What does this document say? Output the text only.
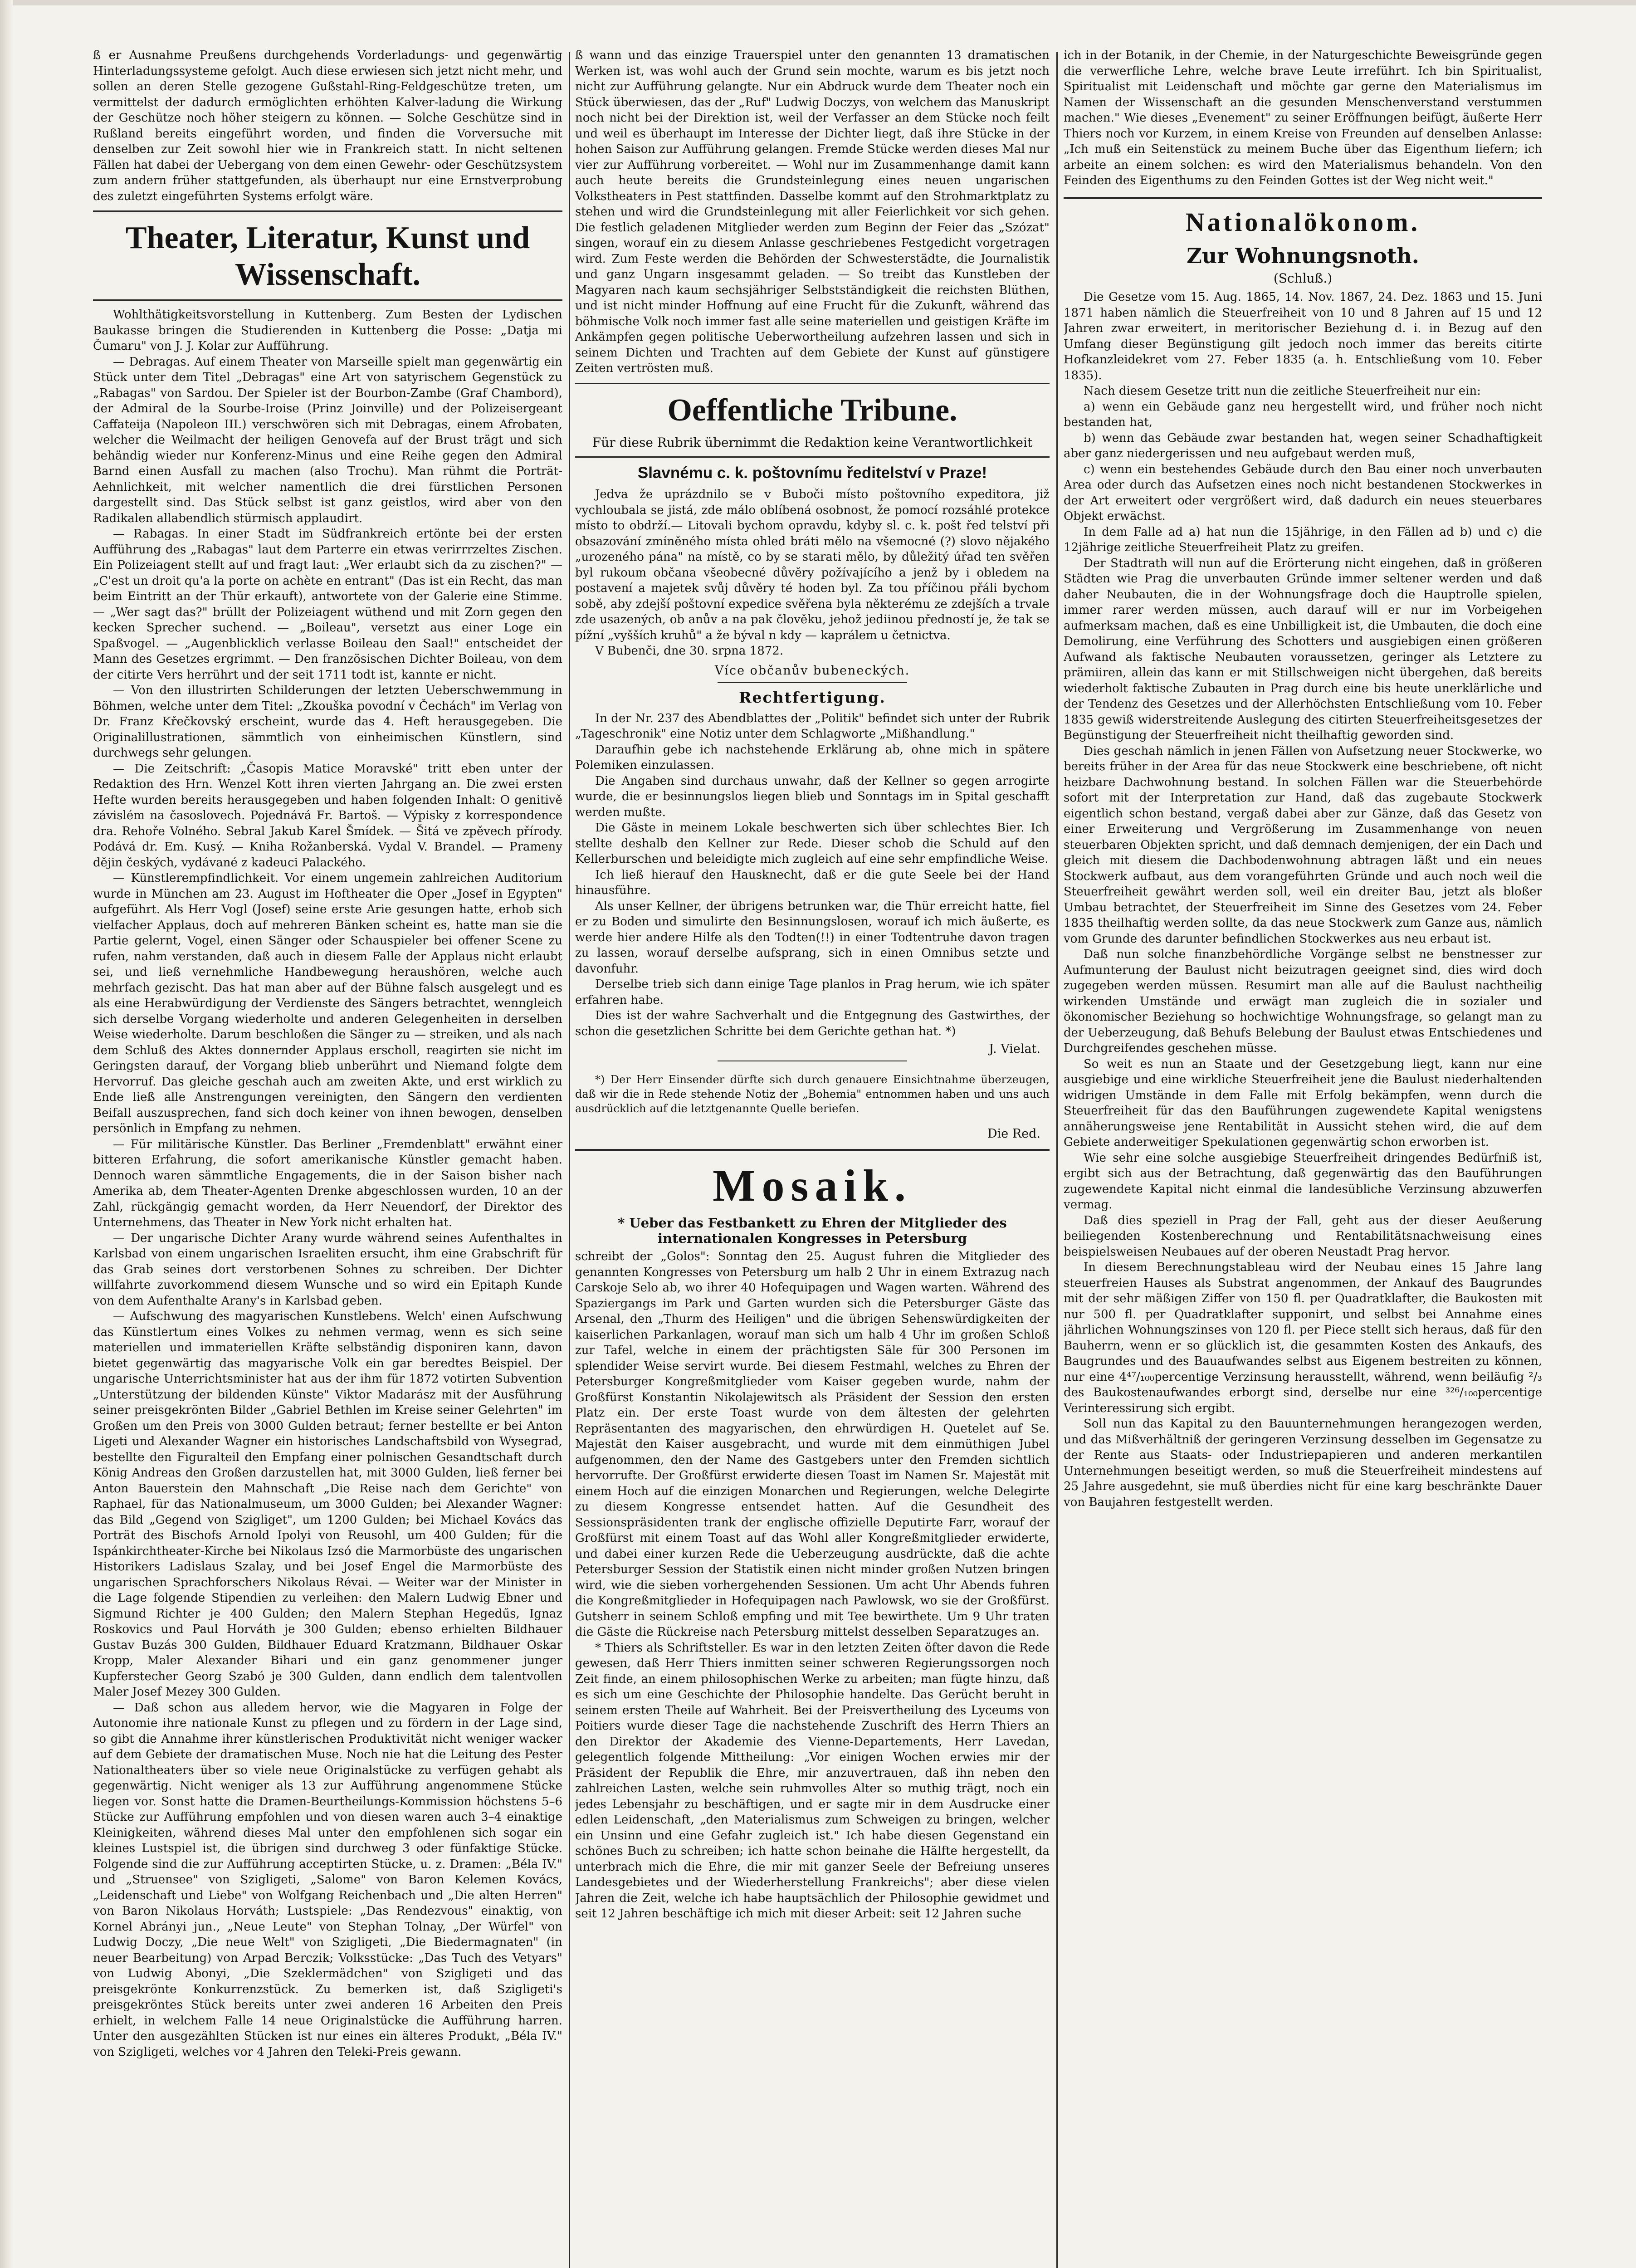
ß er Ausnahme Preußens durchgehends Vorderladungs- und gegenwärtig Hinterladungssysteme gefolgt. Auch diese erwiesen sich jetzt nicht mehr, und sollen an deren Stelle gezogene Gußstahl-Ring-Feldgeschütze treten, um vermittelst der dadurch ermöglichten erhöhten Kalver-ladung die Wirkung der Geschütze noch höher steigern zu können. — Solche Geschütze sind in Rußland bereits eingeführt worden, und finden die Vorversuche mit denselben zur Zeit sowohl hier wie in Frankreich statt. In nicht seltenen Fällen hat dabei der Uebergang von dem einen Gewehr- oder Geschützsystem zum andern früher stattgefunden, als überhaupt nur eine Ernstverprobung des zuletzt eingeführten Systems erfolgt wäre.

Theater, Literatur, Kunst und Wissenschaft.

Wohlthätigkeitsvorstellung in Kuttenberg. Zum Besten der Lydischen Baukasse bringen die Studierenden in Kuttenberg die Posse: „Datja mi Čumaru" von J. J. Kolar zur Aufführung.

— Debragas. Auf einem Theater von Marseille spielt man gegenwärtig ein Stück unter dem Titel „Debragas" eine Art von satyrischem Gegenstück zu „Rabagas" von Sardou. Der Spieler ist der Bourbon-Zambe (Graf Chambord), der Admiral de la Sourbe-Iroise (Prinz Joinville) und der Polizeisergeant Caffateija (Napoleon III.) verschwören sich mit Debragas, einem Afrobaten, welcher die Weilmacht der heiligen Genovefa auf der Brust trägt und sich behändig wieder nur Konferenz-Minus und eine Reihe gegen den Admiral Barnd einen Ausfall zu machen (also Trochu). Man rühmt die Porträt-Aehnlichkeit, mit welcher namentlich die drei fürstlichen Personen dargestellt sind. Das Stück selbst ist ganz geistlos, wird aber von den Radikalen allabendlich stürmisch applaudirt.

— Rabagas. In einer Stadt im Südfrankreich ertönte bei der ersten Aufführung des „Rabagas" laut dem Parterre ein etwas verirrrzeltes Zischen. Ein Polizeiagent stellt auf und fragt laut: „Wer erlaubt sich da zu zischen?" — „C'est un droit qu'a la porte on achète en entrant" (Das ist ein Recht, das man beim Eintritt an der Thür erkauft), antwortete von der Galerie eine Stimme. — „Wer sagt das?" brüllt der Polizeiagent wüthend und mit Zorn gegen den kecken Sprecher suchend. — „Boileau", versetzt aus einer Loge ein Spaßvogel. — „Augenblicklich verlasse Boileau den Saal!" entscheidet der Mann des Gesetzes ergrimmt. — Den französischen Dichter Boileau, von dem der citirte Vers herrührt und der seit 1711 todt ist, kannte er nicht.

— Von den illustrirten Schilderungen der letzten Ueberschwemmung in Böhmen, welche unter dem Titel: „Zkouška povodní v Čechách" im Verlag von Dr. Franz Křečkovský erscheint, wurde das 4. Heft herausgegeben. Die Originalillustrationen, sämmtlich von einheimischen Künstlern, sind durchwegs sehr gelungen.

— Die Zeitschrift: „Časopis Matice Moravské" tritt eben unter der Redaktion des Hrn. Wenzel Kott ihren vierten Jahrgang an. Die zwei ersten Hefte wurden bereits herausgegeben und haben folgenden Inhalt: O genitivě závislém na časoslovech. Pojednává Fr. Bartoš. — Výpisky z korrespondence dra. Rehoře Volného. Sebral Jakub Karel Šmídek. — Šitá ve zpěvech přírody. Podává dr. Em. Kusý. — Kniha Rožanberská. Vydal V. Brandel. — Prameny dějin českých, vydávané z kadeuci Palackého.

— Künstlerempfindlichkeit. Vor einem ungemein zahlreichen Auditorium wurde in München am 23. August im Hoftheater die Oper „Josef in Egypten" aufgeführt. Als Herr Vogl (Josef) seine erste Arie gesungen hatte, erhob sich vielfacher Applaus, doch auf mehreren Bänken scheint es, hatte man sie die Partie gelernt, Vogel, einen Sänger oder Schauspieler bei offener Scene zu rufen, nahm verstanden, daß auch in diesem Falle der Applaus nicht erlaubt sei, und ließ vernehmliche Handbewegung heraushören, welche auch mehrfach gezischt. Das hat man aber auf der Bühne falsch ausgelegt und es als eine Herabwürdigung der Verdienste des Sängers betrachtet, wenngleich sich derselbe Vorgang wiederholte und anderen Gelegenheiten in derselben Weise wiederholte. Darum beschloßen die Sänger zu — streiken, und als nach dem Schluß des Aktes donnernder Applaus erscholl, reagirten sie nicht im Geringsten darauf, der Vorgang blieb unberührt und Niemand folgte dem Hervorruf. Das gleiche geschah auch am zweiten Akte, und erst wirklich zu Ende ließ alle Anstrengungen vereinigten, den Sängern den verdienten Beifall auszusprechen, fand sich doch keiner von ihnen bewogen, denselben persönlich in Empfang zu nehmen.

— Für militärische Künstler. Das Berliner „Fremdenblatt" erwähnt einer bitteren Erfahrung, die sofort amerikanische Künstler gemacht haben. Dennoch waren sämmtliche Engagements, die in der Saison bisher nach Amerika ab, dem Theater-Agenten Drenke abgeschlossen wurden, 10 an der Zahl, rückgängig gemacht worden, da Herr Neuendorf, der Direktor des Unternehmens, das Theater in New York nicht erhalten hat.

— Der ungarische Dichter Arany wurde während seines Aufenthaltes in Karlsbad von einem ungarischen Israeliten ersucht, ihm eine Grabschrift für das Grab seines dort verstorbenen Sohnes zu schreiben. Der Dichter willfahrte zuvorkommend diesem Wunsche und so wird ein Epitaph Kunde von dem Aufenthalte Arany's in Karlsbad geben.

— Aufschwung des magyarischen Kunstlebens. Welch' einen Aufschwung das Künstlertum eines Volkes zu nehmen vermag, wenn es sich seine materiellen und immateriellen Kräfte selbständig disponiren kann, davon bietet gegenwärtig das magyarische Volk ein gar beredtes Beispiel. Der ungarische Unterrichtsminister hat aus der ihm für 1872 votirten Subvention „Unterstützung der bildenden Künste" Viktor Madarász mit der Ausführung seiner preisgekrönten Bilder „Gabriel Bethlen im Kreise seiner Gelehrten" im Großen um den Preis von 3000 Gulden betraut; ferner bestellte er bei Anton Ligeti und Alexander Wagner ein historisches Landschaftsbild von Wysegrad, bestellte den Figuralteil den Empfang einer polnischen Gesandtschaft durch König Andreas den Großen darzustellen hat, mit 3000 Gulden, ließ ferner bei Anton Bauerstein den Mahnschaft „Die Reise nach dem Gerichte" von Raphael, für das Nationalmuseum, um 3000 Gulden; bei Alexander Wagner: das Bild „Gegend von Szigliget", um 1200 Gulden; bei Michael Kovács das Porträt des Bischofs Arnold Ipolyi von Reusohl, um 400 Gulden; für die Ispánkirchtheater-Kirche bei Nikolaus Izsó die Marmorbüste des ungarischen Historikers Ladislaus Szalay, und bei Josef Engel die Marmorbüste des ungarischen Sprachforschers Nikolaus Révai. — Weiter war der Minister in die Lage folgende Stipendien zu verleihen: den Malern Ludwig Ebner und Sigmund Richter je 400 Gulden; den Malern Stephan Hegedűs, Ignaz Roskovics und Paul Horváth je 300 Gulden; ebenso erhielten Bildhauer Gustav Buzás 300 Gulden, Bildhauer Eduard Kratzmann, Bildhauer Oskar Kropp, Maler Alexander Bihari und ein ganz genommener junger Kupferstecher Georg Szabó je 300 Gulden, dann endlich dem talentvollen Maler Josef Mezey 300 Gulden.

— Daß schon aus alledem hervor, wie die Magyaren in Folge der Autonomie ihre nationale Kunst zu pflegen und zu fördern in der Lage sind, so gibt die Annahme ihrer künstlerischen Produktivität nicht weniger wacker auf dem Gebiete der dramatischen Muse. Noch nie hat die Leitung des Pester Nationaltheaters über so viele neue Originalstücke zu verfügen gehabt als gegenwärtig. Nicht weniger als 13 zur Aufführung angenommene Stücke liegen vor. Sonst hatte die Dramen-Beurtheilungs-Kommission höchstens 5–6 Stücke zur Aufführung empfohlen und von diesen waren auch 3–4 einaktige Kleinigkeiten, während dieses Mal unter den empfohlenen sich sogar ein kleines Lustspiel ist, die übrigen sind durchweg 3 oder fünfaktige Stücke. Folgende sind die zur Aufführung acceptirten Stücke, u. z. Dramen: „Béla IV." und „Struensee" von Szigligeti, „Salome" von Baron Kelemen Kovács, „Leidenschaft und Liebe" von Wolfgang Reichenbach und „Die alten Herren" von Baron Nikolaus Horváth; Lustspiele: „Das Rendezvous" einaktig, von Kornel Abrányi jun., „Neue Leute" von Stephan Tolnay, „Der Würfel" von Ludwig Doczy, „Die neue Welt" von Szigligeti, „Die Biedermagnaten" (in neuer Bearbeitung) von Arpad Berczik; Volksstücke: „Das Tuch des Vetyars" von Ludwig Abonyi, „Die Szeklermädchen" von Szigligeti und das preisgekrönte Konkurrenzstück. Zu bemerken ist, daß Szigligeti's preisgekröntes Stück bereits unter zwei anderen 16 Arbeiten den Preis erhielt, in welchem Falle 14 neue Originalstücke die Aufführung harren. Unter den ausgezählten Stücken ist nur eines ein älteres Produkt, „Béla IV." von Szigligeti, welches vor 4 Jahren den Teleki-Preis gewann.

ß wann und das einzige Trauerspiel unter den genannten 13 dramatischen Werken ist, was wohl auch der Grund sein mochte, warum es bis jetzt noch nicht zur Aufführung gelangte. Nur ein Abdruck wurde dem Theater noch ein Stück überwiesen, das der „Ruf" Ludwig Doczys, von welchem das Manuskript noch nicht bei der Direktion ist, weil der Verfasser an dem Stücke noch feilt und weil es überhaupt im Interesse der Dichter liegt, daß ihre Stücke in der hohen Saison zur Aufführung gelangen. Fremde Stücke werden dieses Mal nur vier zur Aufführung vorbereitet. — Wohl nur im Zusammenhange damit kann auch heute bereits die Grundsteinlegung eines neuen ungarischen Volkstheaters in Pest stattfinden. Dasselbe kommt auf den Strohmarktplatz zu stehen und wird die Grundsteinlegung mit aller Feierlichkeit vor sich gehen. Die festlich geladenen Mitglieder werden zum Beginn der Feier das „Szózat" singen, worauf ein zu diesem Anlasse geschriebenes Festgedicht vorgetragen wird. Zum Feste werden die Behörden der Schwesterstädte, die Journalistik und ganz Ungarn insgesammt geladen. — So treibt das Kunstleben der Magyaren nach kaum sechsjähriger Selbstständigkeit die reichsten Blüthen, und ist nicht minder Hoffnung auf eine Frucht für die Zukunft, während das böhmische Volk noch immer fast alle seine materiellen und geistigen Kräfte im Ankämpfen gegen politische Ueberwortheilung aufzehren lassen und sich in seinem Dichten und Trachten auf dem Gebiete der Kunst auf günstigere Zeiten vertrösten muß.

Oeffentliche Tribune.

Für diese Rubrik übernimmt die Redaktion keine Verantwortlichkeit

Slavnému c. k. poštovnímu ředitelství v Praze!

Jedva že uprázdnilo se v Buboči místo poštovního expeditora, již vychloubala se jistá, zde málo oblíbená osobnost, že pomocí rozsáhlé protekce místo to obdrží.— Litovali bychom opravdu, kdyby sl. c. k. pošt řed telství při obsazování zmíněného místa ohled bráti mělo na všemocné (?) slovo nějakého „urozeného pána" na místě, co by se starati mělo, by důležitý úřad ten svěřen byl rukoum občana všeobecné důvěry požívajícího a jenž by i obledem na postavení a majetek svůj důvěry té hoden byl. Za tou příčinou přáli bychom sobě, aby zdejší poštovní expedice svěřena byla některému ze zdejších a trvale zde usazených, ob anův a na pak člověku, jehož jediinou předností je, že tak se pížní „vyšších kruhů" a že býval n kdy — kaprálem u četnictva.

V Bubenči, dne 30. srpna 1872.

Více občanův bubeneckých.

Rechtfertigung.

In der Nr. 237 des Abendblattes der „Politik" befindet sich unter der Rubrik „Tageschronik" eine Notiz unter dem Schlagworte „Mißhandlung."

Daraufhin gebe ich nachstehende Erklärung ab, ohne mich in spätere Polemiken einzulassen.

Die Angaben sind durchaus unwahr, daß der Kellner so gegen arrogirte wurde, die er besinnungslos liegen blieb und Sonntags im in Spital geschafft werden mußte.

Die Gäste in meinem Lokale beschwerten sich über schlechtes Bier. Ich stellte deshalb den Kellner zur Rede. Dieser schob die Schuld auf den Kellerburschen und beleidigte mich zugleich auf eine sehr empfindliche Weise.

Ich ließ hierauf den Hausknecht, daß er die gute Seele bei der Hand hinausführe.

Als unser Kellner, der übrigens betrunken war, die Thür erreicht hatte, fiel er zu Boden und simulirte den Besinnungslosen, worauf ich mich äußerte, es werde hier andere Hilfe als den Todten(!!) in einer Todtentruhe davon tragen zu lassen, worauf derselbe aufsprang, sich in einen Omnibus setzte und davonfuhr.

Derselbe trieb sich dann einige Tage planlos in Prag herum, wie ich später erfahren habe.

Dies ist der wahre Sachverhalt und die Entgegnung des Gastwirthes, der schon die gesetzlichen Schritte bei dem Gerichte gethan hat. *)

J. Vielat.

*) Der Herr Einsender dürfte sich durch genauere Einsichtnahme überzeugen, daß wir die in Rede stehende Notiz der „Bohemia" entnommen haben und uns auch ausdrücklich auf die letztgenannte Quelle beriefen.

Die Red.

Mosaik.

* Ueber das Festbankett zu Ehren der Mitglieder des internationalen Kongresses in Petersburg

schreibt der „Golos": Sonntag den 25. August fuhren die Mitglieder des genannten Kongresses von Petersburg um halb 2 Uhr in einem Extrazug nach Carskoje Selo ab, wo ihrer 40 Hofequipagen und Wagen warten. Während des Spaziergangs im Park und Garten wurden sich die Petersburger Gäste das Arsenal, den „Thurm des Heiligen" und die übrigen Sehenswürdigkeiten der kaiserlichen Parkanlagen, worauf man sich um halb 4 Uhr im großen Schloß zur Tafel, welche in einem der prächtigsten Säle für 300 Personen im splendider Weise servirt wurde. Bei diesem Festmahl, welches zu Ehren der Petersburger Kongreßmitglieder vom Kaiser gegeben wurde, nahm der Großfürst Konstantin Nikolajewitsch als Präsident der Session den ersten Platz ein. Der erste Toast wurde von dem ältesten der gelehrten Repräsentanten des magyarischen, den ehrwürdigen H. Quetelet auf Se. Majestät den Kaiser ausgebracht, und wurde mit dem einmüthigen Jubel aufgenommen, den der Name des Gastgebers unter den Fremden sichtlich hervorrufte. Der Großfürst erwiderte diesen Toast im Namen Sr. Majestät mit einem Hoch auf die einzigen Monarchen und Regierungen, welche Delegirte zu diesem Kongresse entsendet hatten. Auf die Gesundheit des Sessionspräsidenten trank der englische offizielle Deputirte Farr, worauf der Großfürst mit einem Toast auf das Wohl aller Kongreßmitglieder erwiderte, und dabei einer kurzen Rede die Ueberzeugung ausdrückte, daß die achte Petersburger Session der Statistik einen nicht minder großen Nutzen bringen wird, wie die sieben vorhergehenden Sessionen. Um acht Uhr Abends fuhren die Kongreßmitglieder in Hofequipagen nach Pawlowsk, wo sie der Großfürst. Gutsherr in seinem Schloß empfing und mit Tee bewirthete. Um 9 Uhr traten die Gäste die Rückreise nach Petersburg mittelst desselben Separatzuges an.

* Thiers als Schriftsteller. Es war in den letzten Zeiten öfter davon die Rede gewesen, daß Herr Thiers inmitten seiner schweren Regierungssorgen noch Zeit finde, an einem philosophischen Werke zu arbeiten; man fügte hinzu, daß es sich um eine Geschichte der Philosophie handelte. Das Gerücht beruht in seinem ersten Theile auf Wahrheit. Bei der Preisvertheilung des Lyceums von Poitiers wurde dieser Tage die nachstehende Zuschrift des Herrn Thiers an den Direktor der Akademie des Vienne-Departements, Herr Lavedan, gelegentlich folgende Mittheilung: „Vor einigen Wochen erwies mir der Präsident der Republik die Ehre, mir anzuvertrauen, daß ihn neben den zahlreichen Lasten, welche sein ruhmvolles Alter so muthig trägt, noch ein jedes Lebensjahr zu beschäftigen, und er sagte mir in dem Ausdrucke einer edlen Leidenschaft, „den Materialismus zum Schweigen zu bringen, welcher ein Unsinn und eine Gefahr zugleich ist." Ich habe diesen Gegenstand ein schönes Buch zu schreiben; ich hatte schon beinahe die Hälfte hergestellt, da unterbrach mich die Ehre, die mir mit ganzer Seele der Befreiung unseres Landesgebietes und der Wiederherstellung Frankreichs"; aber diese vielen Jahren die Zeit, welche ich habe hauptsächlich der Philosophie gewidmet und seit 12 Jahren beschäftige ich mich mit dieser Arbeit: seit 12 Jahren suche

ich in der Botanik, in der Chemie, in der Naturgeschichte Beweisgründe gegen die verwerfliche Lehre, welche brave Leute irreführt. Ich bin Spiritualist, Spiritualist mit Leidenschaft und möchte gar gerne den Materialismus im Namen der Wissenschaft an die gesunden Menschenverstand verstummen machen." Wie dieses „Evenement" zu seiner Eröffnungen beifügt, äußerte Herr Thiers noch vor Kurzem, in einem Kreise von Freunden auf denselben Anlasse: „Ich muß ein Seitenstück zu meinem Buche über das Eigenthum liefern; ich arbeite an einem solchen: es wird den Materialismus behandeln. Von den Feinden des Eigenthums zu den Feinden Gottes ist der Weg nicht weit."

Nationalökonom.
Zur Wohnungsnoth.

(Schluß.)

Die Gesetze vom 15. Aug. 1865, 14. Nov. 1867, 24. Dez. 1863 und 15. Juni 1871 haben nämlich die Steuerfreiheit von 10 und 8 Jahren auf 15 und 12 Jahren zwar erweitert, in meritorischer Beziehung d. i. in Bezug auf den Umfang dieser Begünstigung gilt jedoch noch immer das bereits citirte Hofkanzleidekret vom 27. Feber 1835 (a. h. Entschließung vom 10. Feber 1835).

Nach diesem Gesetze tritt nun die zeitliche Steuerfreiheit nur ein:

a) wenn ein Gebäude ganz neu hergestellt wird, und früher noch nicht bestanden hat,

b) wenn das Gebäude zwar bestanden hat, wegen seiner Schadhaftigkeit aber ganz niedergerissen und neu aufgebaut werden muß,

c) wenn ein bestehendes Gebäude durch den Bau einer noch unverbauten Area oder durch das Aufsetzen eines noch nicht bestandenen Stockwerkes in der Art erweitert oder vergrößert wird, daß dadurch ein neues steuerbares Objekt erwächst.

In dem Falle ad a) hat nun die 15jährige, in den Fällen ad b) und c) die 12jährige zeitliche Steuerfreiheit Platz zu greifen.

Der Stadtrath will nun auf die Erörterung nicht eingehen, daß in größeren Städten wie Prag die unverbauten Gründe immer seltener werden und daß daher Neubauten, die in der Wohnungsfrage doch die Hauptrolle spielen, immer rarer werden müssen, auch darauf will er nur im Vorbeigehen aufmerksam machen, daß es eine Unbilligkeit ist, die Umbauten, die doch eine Demolirung, eine Verführung des Schotters und ausgiebigen einen größeren Aufwand als faktische Neubauten voraussetzen, geringer als Letztere zu prämiiren, allein das kann er mit Stillschweigen nicht übergehen, daß bereits wiederholt faktische Zubauten in Prag durch eine bis heute unerklärliche und der Tendenz des Gesetzes und der Allerhöchsten Entschließung vom 10. Feber 1835 gewiß widerstreitende Auslegung des citirten Steuerfreiheitsgesetzes der Begünstigung der Steuerfreiheit nicht theilhaftig geworden sind.

Dies geschah nämlich in jenen Fällen von Aufsetzung neuer Stockwerke, wo bereits früher in der Area für das neue Stockwerk eine beschriebene, oft nicht heizbare Dachwohnung bestand. In solchen Fällen war die Steuerbehörde sofort mit der Interpretation zur Hand, daß das zugebaute Stockwerk eigentlich schon bestand, vergaß dabei aber zur Gänze, daß das Gesetz von einer Erweiterung und Vergrößerung im Zusammenhange von neuen steuerbaren Objekten spricht, und daß demnach demjenigen, der ein Dach und gleich mit diesem die Dachbodenwohnung abtragen läßt und ein neues Stockwerk aufbaut, aus dem vorangeführten Gründe und auch noch weil die Steuerfreiheit gewährt werden soll, weil ein dreiter Bau, jetzt als bloßer Umbau betrachtet, der Steuerfreiheit im Sinne des Gesetzes vom 24. Feber 1835 theilhaftig werden sollte, da das neue Stockwerk zum Ganze aus, nämlich vom Grunde des darunter befindlichen Stockwerkes aus neu erbaut ist.

Daß nun solche finanzbehördliche Vorgänge selbst ne benstnesser zur Aufmunterung der Baulust nicht beizutragen geeignet sind, dies wird doch zugegeben werden müssen. Resumirt man alle auf die Baulust nachtheilig wirkenden Umstände und erwägt man zugleich die in sozialer und ökonomischer Beziehung so hochwichtige Wohnungsfrage, so gelangt man zu der Ueberzeugung, daß Behufs Belebung der Baulust etwas Entschiedenes und Durchgreifendes geschehen müsse.

So weit es nun an Staate und der Gesetzgebung liegt, kann nur eine ausgiebige und eine wirkliche Steuerfreiheit jene die Baulust niederhaltenden widrigen Umstände in dem Falle mit Erfolg bekämpfen, wenn durch die Steuerfreiheit für das den Bauführungen zugewendete Kapital wenigstens annäherungsweise jene Rentabilität in Aussicht stehen wird, die auf dem Gebiete anderweitiger Spekulationen gegenwärtig schon erworben ist.

Wie sehr eine solche ausgiebige Steuerfreiheit dringendes Bedürfniß ist, ergibt sich aus der Betrachtung, daß gegenwärtig das den Bauführungen zugewendete Kapital nicht einmal die landesübliche Verzinsung abzuwerfen vermag.

Daß dies speziell in Prag der Fall, geht aus der dieser Aeußerung beiliegenden Kostenberechnung und Rentabilitätsnachweisung eines beispielsweisen Neubaues auf der oberen Neustadt Prag hervor.

In diesem Berechnungstableau wird der Neubau eines 15 Jahre lang steuerfreien Hauses als Substrat angenommen, der Ankauf des Baugrundes mit der sehr mäßigen Ziffer von 150 fl. per Quadratklafter, die Baukosten mit nur 500 fl. per Quadratklafter supponirt, und selbst bei Annahme eines jährlichen Wohnungszinses von 120 fl. per Piece stellt sich heraus, daß für den Bauherrn, wenn er so glücklich ist, die gesammten Kosten des Ankaufs, des Baugrundes und des Bauaufwandes selbst aus Eigenem bestreiten zu können, nur eine 4⁴⁷/₁₀₀percentige Verzinsung herausstellt, während, wenn beiläufig ²/₃ des Baukostenaufwandes erborgt sind, derselbe nur eine ³²⁶/₁₀₀percentige Verinteressirung sich ergibt.

Soll nun das Kapital zu den Bauunternehmungen herangezogen werden, und das Mißverhältniß der geringeren Verzinsung desselben im Gegensatze zu der Rente aus Staats- oder Industriepapieren und anderen merkantilen Unternehmungen beseitigt werden, so muß die Steuerfreiheit mindestens auf 25 Jahre ausgedehnt, sie muß überdies nicht für eine karg beschränkte Dauer von Baujahren festgestellt werden.
